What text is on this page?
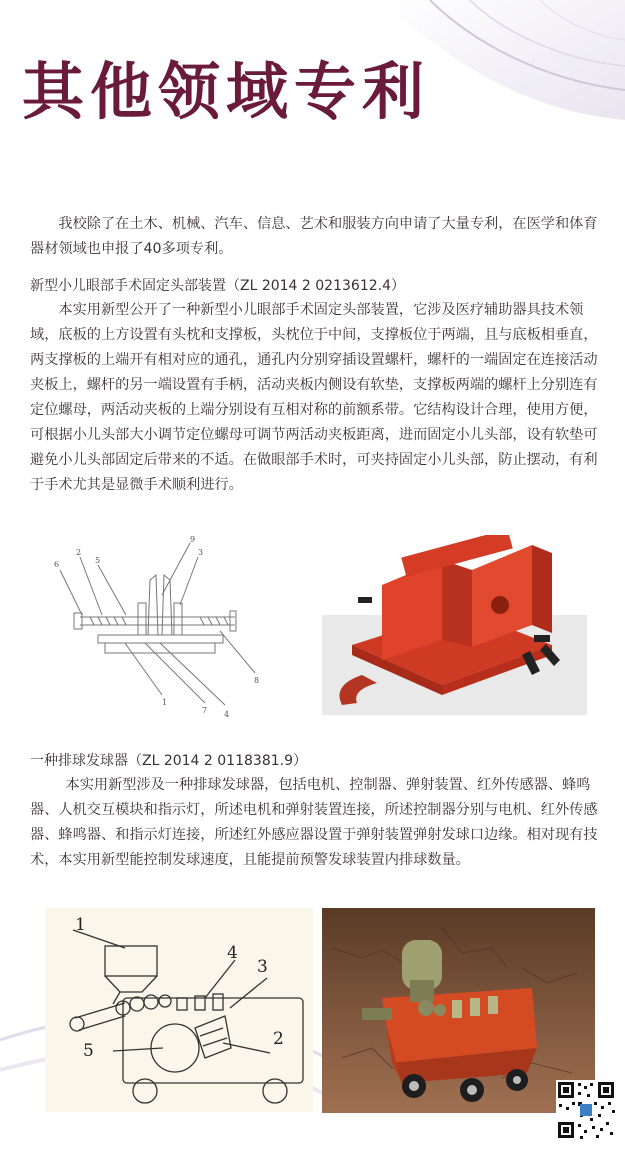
其他领域专利

我校除了在土木、机械、汽车、信息、艺术和服装方向申请了大量专利，在医学和体育器材领域也申报了40多项专利。

新型小儿眼部手术固定头部装置（ZL 2014 2 0213612.4）

本实用新型公开了一种新型小儿眼部手术固定头部装置，它涉及医疗辅助器具技术领域，底板的上方设置有头枕和支撑板，头枕位于中间，支撑板位于两端，且与底板相垂直，两支撑板的上端开有相对应的通孔，通孔内分别穿插设置螺杆，螺杆的一端固定在连接活动夹板上，螺杆的另一端设置有手柄，活动夹板内侧设有软垫，支撑板两端的螺杆上分别连有定位螺母，两活动夹板的上端分别设有互相对称的前额系带。它结构设计合理，使用方便，可根据小儿头部大小调节定位螺母可调节两活动夹板距离，进而固定小儿头部，设有软垫可避免小儿头部固定后带来的不适。在做眼部手术时，可夹持固定小儿头部，防止摆动，有利于手术尤其是显微手术顺利进行。

6
2
5
9
3
1
7 4
8
一种排球发球器（ZL 2014 2 0118381.9）

本实用新型涉及一种排球发球器，包括电机、控制器、弹射装置、红外传感器、蜂鸣器、人机交互模块和指示灯，所述电机和弹射装置连接，所述控制器分别与电机、红外传感器、蜂鸣器、和指示灯连接，所述红外感应器设置于弹射装置弹射发球口边缘。相对现有技术，本实用新型能控制发球速度，且能提前预警发球装置内排球数量。

1
4
3
5
2
